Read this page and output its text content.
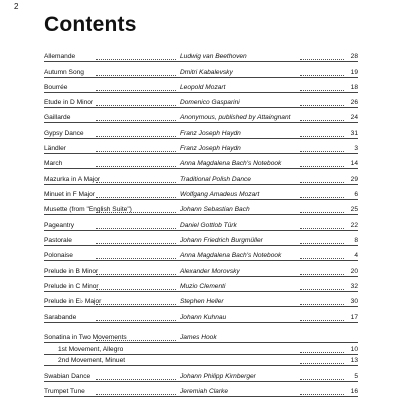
2
Contents
Allemande	Ludwig van Beethoven	28
Autumn Song	Dmitri Kabalevsky	19
Bourrée	Leopold Mozart	18
Etude in D Minor	Domenico Gasparini	26
Gaillarde	Anonymous, published by Attaingnant	24
Gypsy Dance	Franz Joseph Haydn	31
Ländler	Franz Joseph Haydn	3
March	Anna Magdalena Bach's Notebook	14
Mazurka in A Major	Traditional Polish Dance	29
Minuet in F Major	Wolfgang Amadeus Mozart	6
Musette (from "English Suite")	Johann Sebastian Bach	25
Pageantry	Daniel Gottlob Türk	22
Pastorale	Johann Friedrich Burgmüller	8
Polonaise	Anna Magdalena Bach's Notebook	4
Prelude in B Minor	Alexander Morovsky	20
Prelude in C Minor	Muzio Clementi	32
Prelude in E♭ Major	Stephen Heller	30
Sarabande	Johann Kuhnau	17
Sonatina in Two Movements	James Hook
1st Movement, Allegro	10
2nd Movement, Minuet	13
Swabian Dance	Johann Philipp Kirnberger	5
Trumpet Tune	Jeremiah Clarke	16
